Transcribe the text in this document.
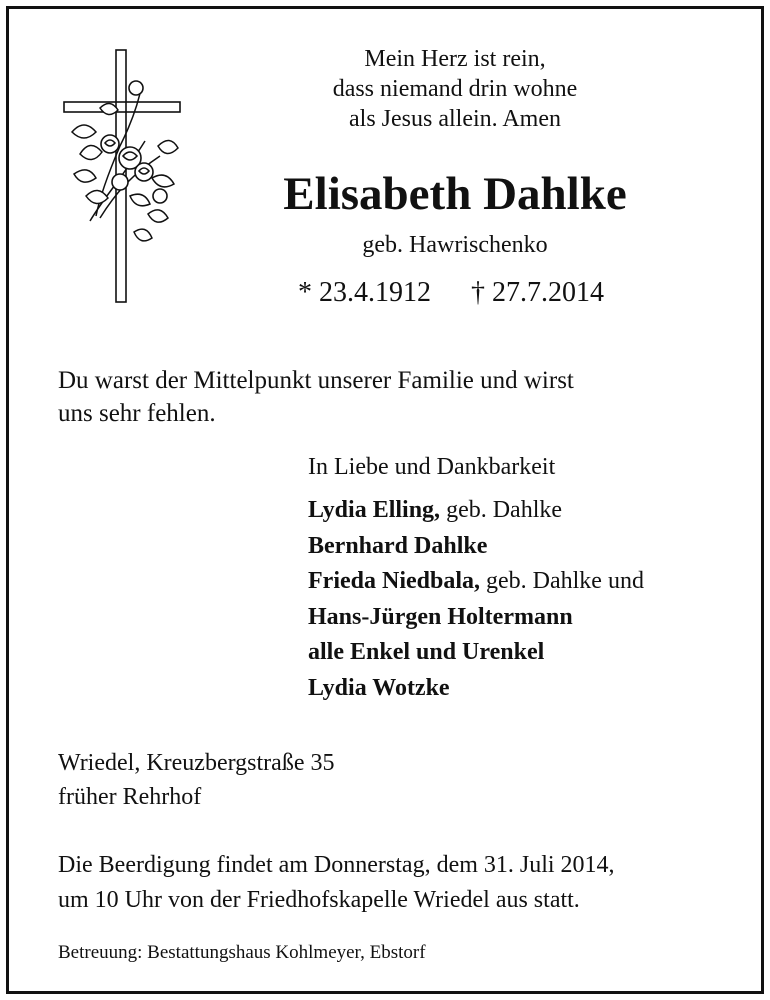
Mein Herz ist rein,
dass niemand drin wohne
als Jesus allein. Amen
Elisabeth Dahlke
geb. Hawrischenko
* 23.4.1912 † 27.7.2014
Du warst der Mittelpunkt unserer Familie und wirst
uns sehr fehlen.
In Liebe und Dankbarkeit
Lydia Elling, geb. Dahlke
Bernhard Dahlke
Frieda Niedbala, geb. Dahlke und
Hans-Jürgen Holtermann
alle Enkel und Urenkel
Lydia Wotzke
Wriedel, Kreuzbergstraße 35
früher Rehrhof
Die Beerdigung findet am Donnerstag, dem 31. Juli 2014,
um 10 Uhr von der Friedhofskapelle Wriedel aus statt.
Betreuung: Bestattungshaus Kohlmeyer, Ebstorf
